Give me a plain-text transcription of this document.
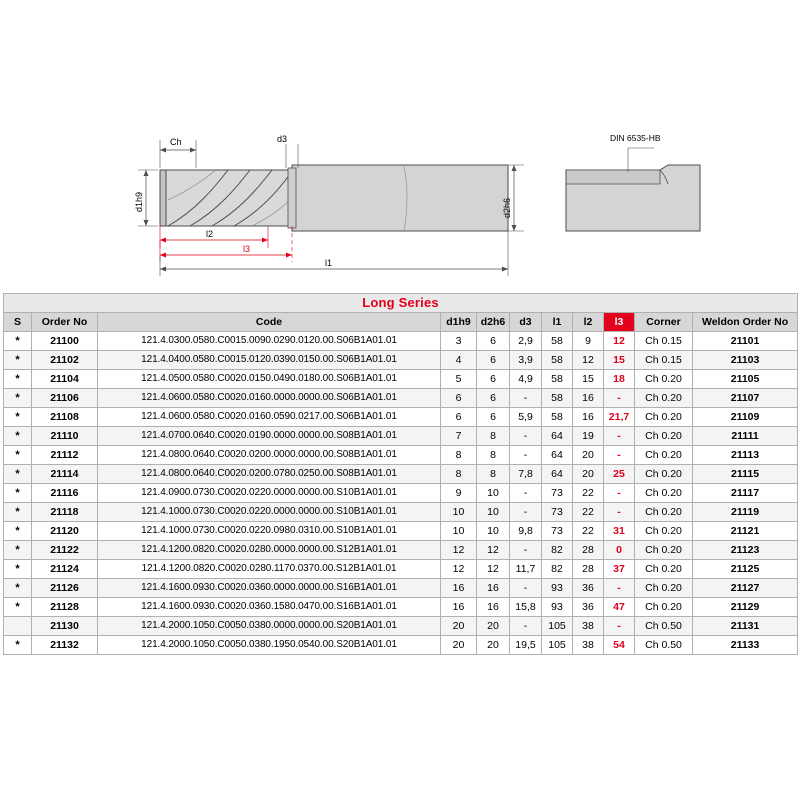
Ch	d3
d1h9	d2h6
l2
l3
l1
DIN 6535-HB
Long Series										
S	Order No	Code	d1h9	d2h6	d3	l1	l2	l3	Corner	Weldon Order No
*	21100	121.4.0300.0580.C0015.0090.0290.0120.00.S06B1A01.01	3	6	2,9	58	9	12	Ch 0.15	21101
*	21102	121.4.0400.0580.C0015.0120.0390.0150.00.S06B1A01.01	4	6	3,9	58	12	15	Ch 0.15	21103
*	21104	121.4.0500.0580.C0020.0150.0490.0180.00.S06B1A01.01	5	6	4,9	58	15	18	Ch 0.20	21105
*	21106	121.4.0600.0580.C0020.0160.0000.0000.00.S06B1A01.01	6	6	-	58	16	-	Ch 0.20	21107
*	21108	121.4.0600.0580.C0020.0160.0590.0217.00.S06B1A01.01	6	6	5,9	58	16	21,7	Ch 0.20	21109
*	21110	121.4.0700.0640.C0020.0190.0000.0000.00.S08B1A01.01	7	8	-	64	19	-	Ch 0.20	21111
*	21112	121.4.0800.0640.C0020.0200.0000.0000.00.S08B1A01.01	8	8	-	64	20	-	Ch 0.20	21113
*	21114	121.4.0800.0640.C0020.0200.0780.0250.00.S08B1A01.01	8	8	7,8	64	20	25	Ch 0.20	21115
*	21116	121.4.0900.0730.C0020.0220.0000.0000.00.S10B1A01.01	9	10	-	73	22	-	Ch 0.20	21117
*	21118	121.4.1000.0730.C0020.0220.0000.0000.00.S10B1A01.01	10	10	-	73	22	-	Ch 0.20	21119
*	21120	121.4.1000.0730.C0020.0220.0980.0310.00.S10B1A01.01	10	10	9,8	73	22	31	Ch 0.20	21121
*	21122	121.4.1200.0820.C0020.0280.0000.0000.00.S12B1A01.01	12	12	-	82	28	0	Ch 0.20	21123
*	21124	121.4.1200.0820.C0020.0280.1170.0370.00.S12B1A01.01	12	12	11,7	82	28	37	Ch 0.20	21125
*	21126	121.4.1600.0930.C0020.0360.0000.0000.00.S16B1A01.01	16	16	-	93	36	-	Ch 0.20	21127
*	21128	121.4.1600.0930.C0020.0360.1580.0470.00.S16B1A01.01	16	16	15,8	93	36	47	Ch 0.20	21129
	21130	121.4.2000.1050.C0050.0380.0000.0000.00.S20B1A01.01	20	20	-	105	38	-	Ch 0.50	21131
*	21132	121.4.2000.1050.C0050.0380.1950.0540.00.S20B1A01.01	20	20	19,5	105	38	54	Ch 0.50	21133
